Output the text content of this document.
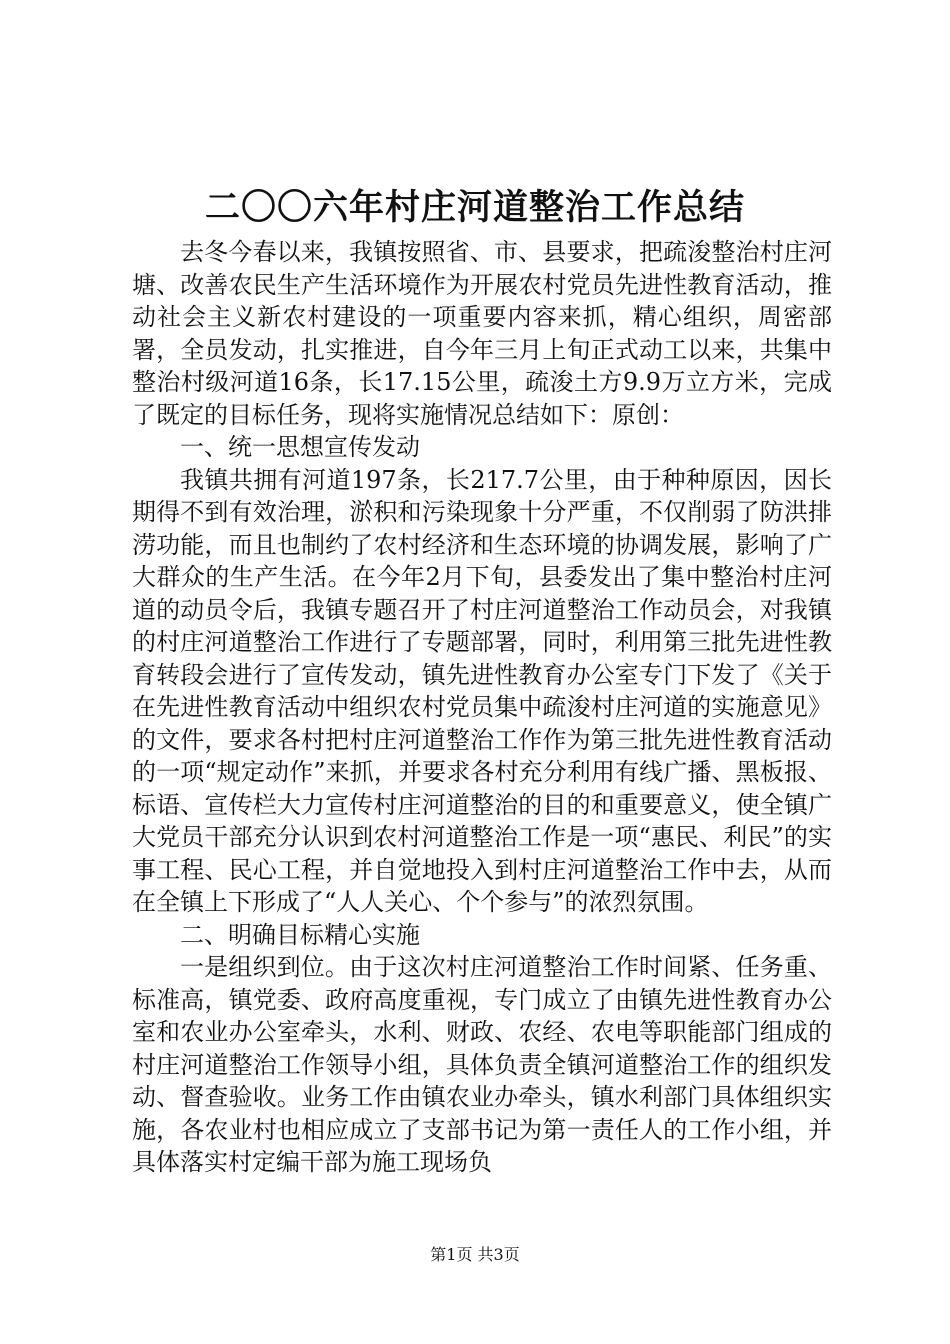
二〇〇六年村庄河道整治工作总结

去冬今春以来，我镇按照省、市、县要求，把疏浚整治村庄河塘、改善农民生产生活环境作为开展农村党员先进性教育活动，推动社会主义新农村建设的一项重要内容来抓，精心组织，周密部署，全员发动，扎实推进，自今年三月上旬正式动工以来，共集中整治村级河道16条，长17.15公里，疏浚土方9.9万立方米，完成了既定的目标任务，现将实施情况总结如下：原创：

一、统一思想宣传发动

我镇共拥有河道197条，长217.7公里，由于种种原因，因长期得不到有效治理，淤积和污染现象十分严重，不仅削弱了防洪排涝功能，而且也制约了农村经济和生态环境的协调发展，影响了广大群众的生产生活。在今年2月下旬，县委发出了集中整治村庄河道的动员令后，我镇专题召开了村庄河道整治工作动员会，对我镇的村庄河道整治工作进行了专题部署，同时，利用第三批先进性教育转段会进行了宣传发动，镇先进性教育办公室专门下发了《关于在先进性教育活动中组织农村党员集中疏浚村庄河道的实施意见》的文件，要求各村把村庄河道整治工作作为第三批先进性教育活动的一项“规定动作”来抓，并要求各村充分利用有线广播、黑板报、标语、宣传栏大力宣传村庄河道整治的目的和重要意义，使全镇广大党员干部充分认识到农村河道整治工作是一项“惠民、利民”的实事工程、民心工程，并自觉地投入到村庄河道整治工作中去，从而在全镇上下形成了“人人关心、个个参与”的浓烈氛围。

二、明确目标精心实施

一是组织到位。由于这次村庄河道整治工作时间紧、任务重、标准高，镇党委、政府高度重视，专门成立了由镇先进性教育办公室和农业办公室牵头，水利、财政、农经、农电等职能部门组成的村庄河道整治工作领导小组，具体负责全镇河道整治工作的组织发动、督查验收。业务工作由镇农业办牵头，镇水利部门具体组织实施，各农业村也相应成立了支部书记为第一责任人的工作小组，并具体落实村定编干部为施工现场负

第1页 共3页
